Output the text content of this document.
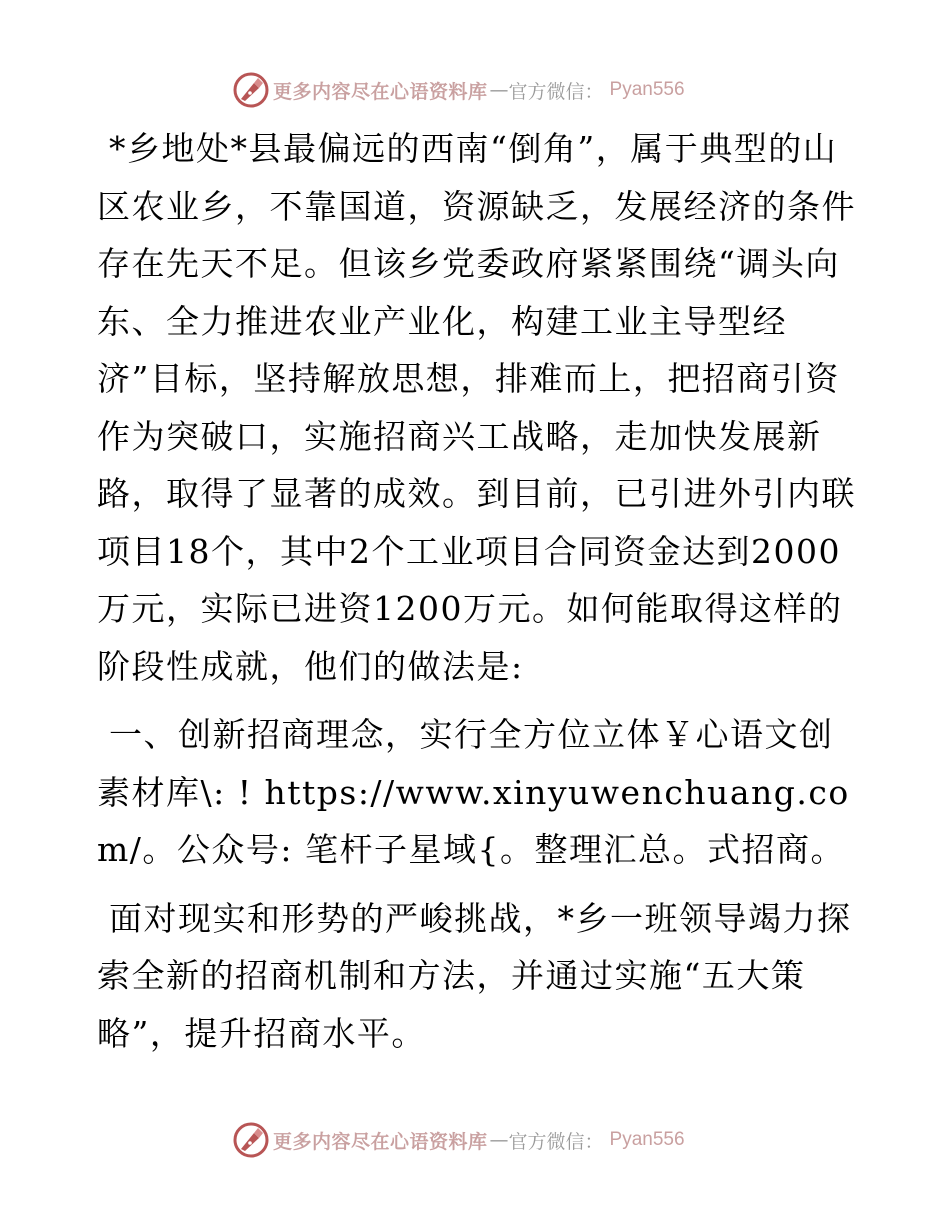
更多内容尽在心语资料库 — 官方微信： Pyan556

*乡地处*县最偏远的西南“倒角”，属于典型的山区农业乡，不靠国道，资源缺乏，发展经济的条件存在先天不足。但该乡党委政府紧紧围绕“调头向东、全力推进农业产业化，构建工业主导型经济”目标，坚持解放思想，排难而上，把招商引资作为突破口，实施招商兴工战略，走加快发展新路，取得了显著的成效。到目前，已引进外引内联项目18个，其中2个工业项目合同资金达到2000万元，实际已进资1200万元。如何能取得这样的阶段性成就，他们的做法是:

一、创新招商理念，实行全方位立体￥心语文创素材库\: ! https://www.xinyuwenchuang.com/。公众号: 笔杆子星域{。整理汇总。式招商。

面对现实和形势的严峻挑战，*乡一班领导竭力探索全新的招商机制和方法，并通过实施“五大策略”，提升招商水平。

更多内容尽在心语资料库 — 官方微信： Pyan556
